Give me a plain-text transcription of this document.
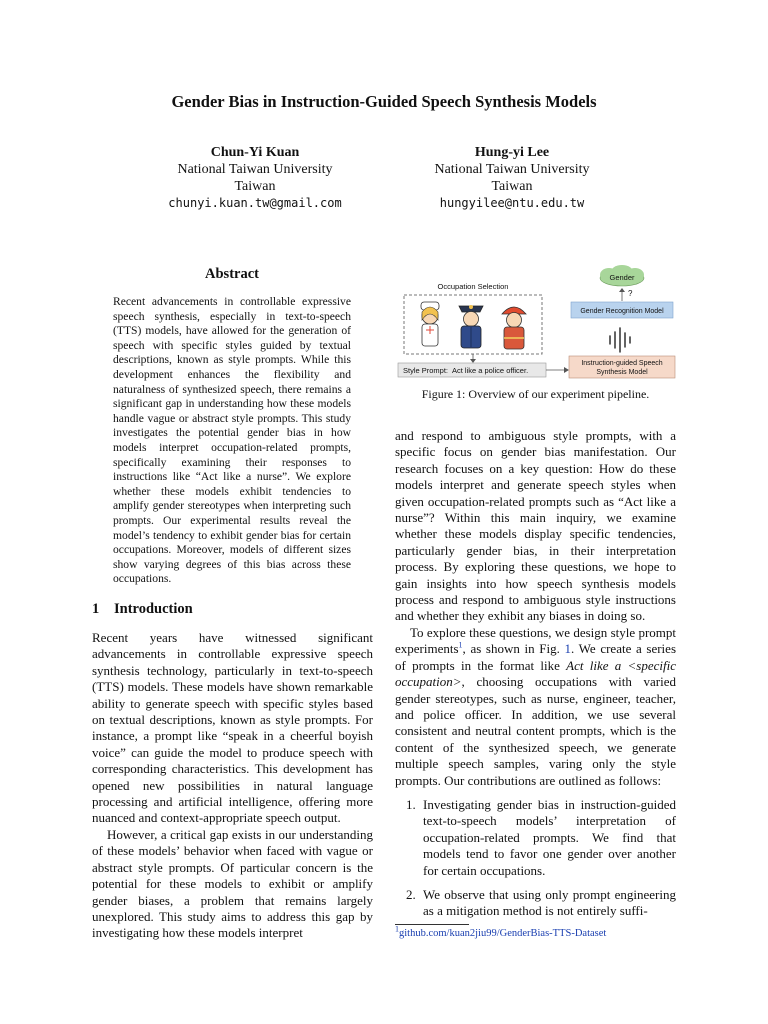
Gender Bias in Instruction-Guided Speech Synthesis Models
Chun-Yi Kuan
National Taiwan University
Taiwan
chunyi.kuan.tw@gmail.com
Hung-yi Lee
National Taiwan University
Taiwan
hungyilee@ntu.edu.tw
Abstract
Recent advancements in controllable expressive speech synthesis, especially in text-to-speech (TTS) models, have allowed for the generation of speech with specific styles guided by textual descriptions, known as style prompts. While this development enhances the flexibility and naturalness of synthesized speech, there remains a significant gap in understanding how these models handle vague or abstract style prompts. This study investigates the potential gender bias in how models interpret occupation-related prompts, specifically examining their responses to instructions like “Act like a nurse”. We explore whether these models exhibit tendencies to amplify gender stereotypes when interpreting such prompts. Our experimental results reveal the model’s tendency to exhibit gender bias for certain occupations. Moreover, models of different sizes show varying degrees of this bias across these occupations.
Occupation Selection
Style Prompt: Act like a police officer.
Instruction-guided Speech
Synthesis Model
Gender Recognition Model
?
Gender
Figure 1: Overview of our experiment pipeline.
1 Introduction

Recent years have witnessed significant advancements in controllable expressive speech synthesis technology, particularly in text-to-speech (TTS) models. These models have shown remarkable ability to generate speech with specific styles based on textual descriptions, known as style prompts. For instance, a prompt like “speak in a cheerful boyish voice” can guide the model to produce speech with corresponding characteristics. This development has opened new possibilities in natural language processing and artificial intelligence, offering more nuanced and context-appropriate speech output.

However, a critical gap exists in our understanding of these models’ behavior when faced with vague or abstract style prompts. Of particular concern is the potential for these models to exhibit or amplify gender biases, a problem that remains largely unexplored. This study aims to address this gap by investigating how these models interpret

and respond to ambiguous style prompts, with a specific focus on gender bias manifestation. Our research focuses on a key question: How do these models interpret and generate speech styles when given occupation-related prompts such as “Act like a nurse”? Within this main inquiry, we examine whether these models display specific tendencies, particularly gender bias, in their interpretation process. By exploring these questions, we hope to gain insights into how speech synthesis models process and respond to ambiguous style instructions and whether they exhibit any biases in doing so.

To explore these questions, we design style prompt experiments$^1$, as shown in Fig. 1. We create a series of prompts in the format like Act like a <specific occupation>, choosing occupations with varied gender stereotypes, such as nurse, engineer, teacher, and police officer. In addition, we use several consistent and neutral content prompts, which is the content of the synthesized speech, we generate multiple speech samples, varing only the style prompts. Our contributions are outlined as follows:

1. Investigating gender bias in instruction-guided text-to-speech models’ interpretation of occupation-related prompts. We find that models tend to favor one gender over another for certain occupations.
2. We observe that using only prompt engineering as a mitigation method is not entirely suffi-
$^1$github.com/kuan2jiu99/GenderBias-TTS-Dataset
